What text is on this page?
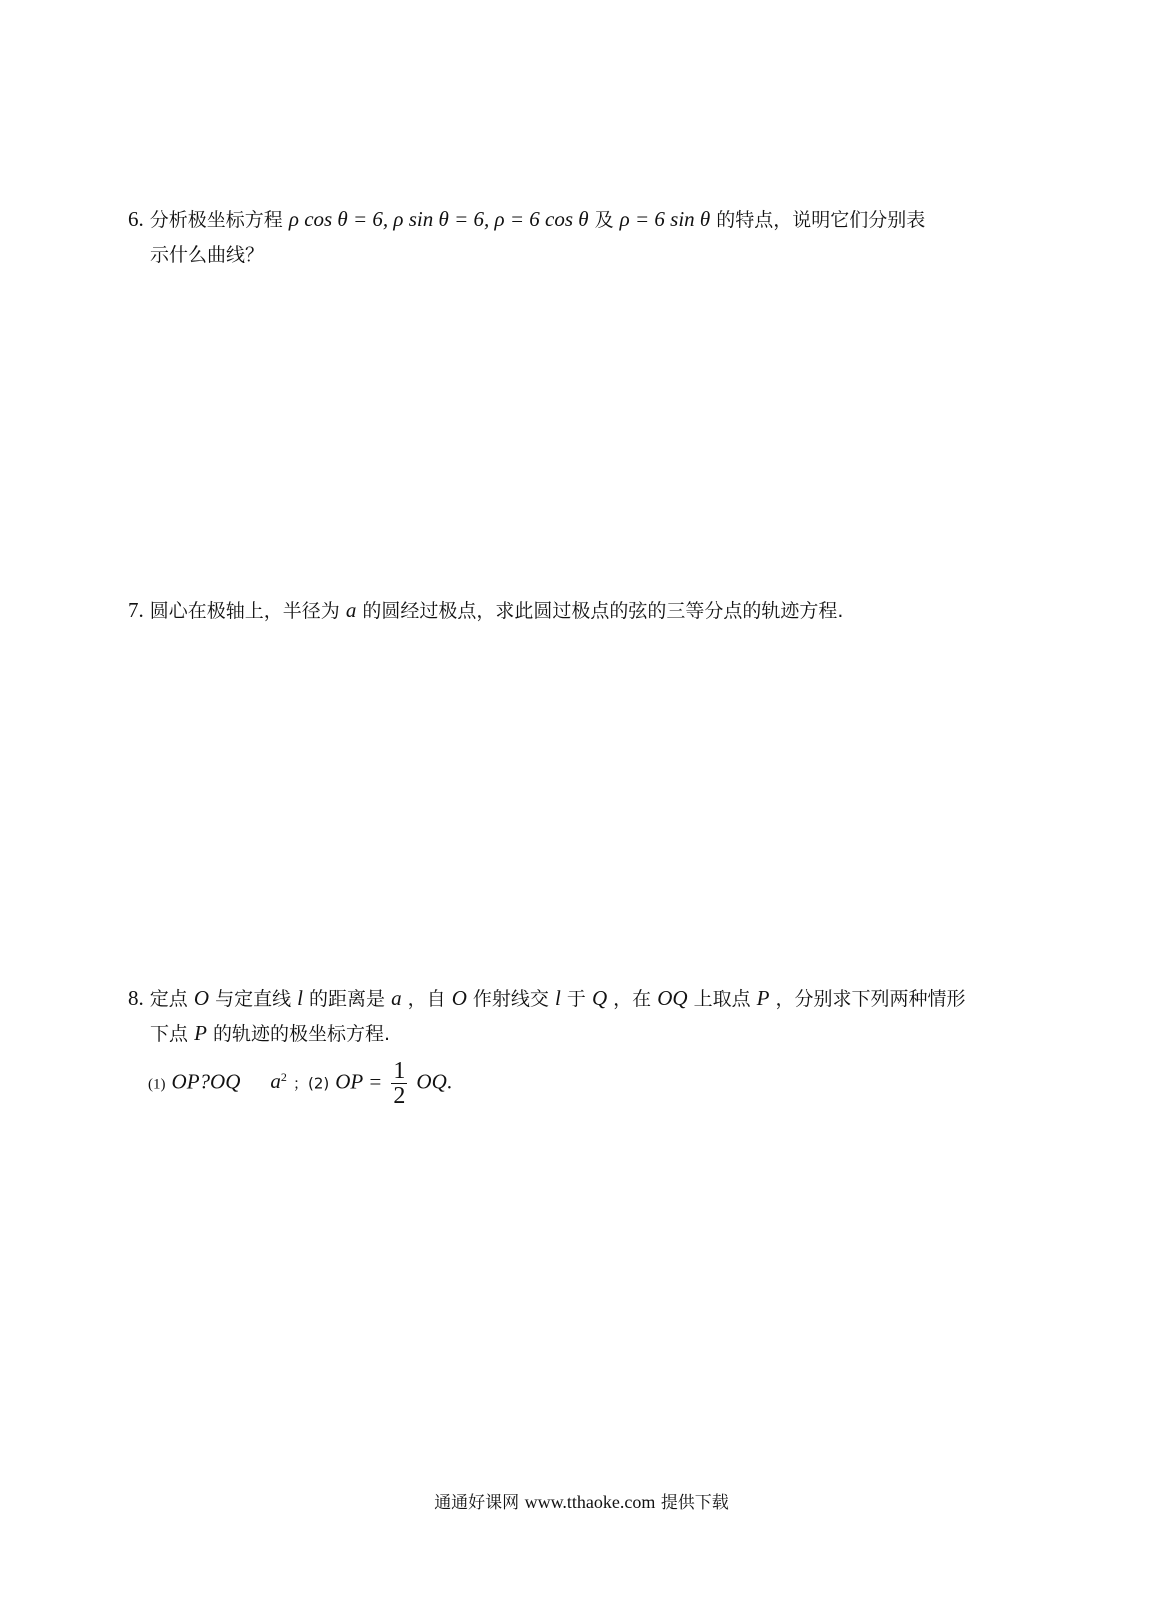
6. 分析极坐标方程 ρ cos θ = 6, ρ sin θ = 6, ρ = 6 cos θ 及 ρ = 6 sin θ 的特点，说明它们分别表
示什么曲线？
7. 圆心在极轴上，半径为 a 的圆经过极点，求此圆过极点的弦的三等分点的轨迹方程.
8. 定点 O 与定直线 l 的距离是 a ，自 O 作射线交 l 于 Q ，在 OQ 上取点 P ，分别求下列两种情形
下点 P 的轨迹的极坐标方程.
(1) OP?OQ $a^2$ ；(2) OP = $\frac{1}{2}$ OQ.
通通好课网 www.tthaoke.com 提供下载
